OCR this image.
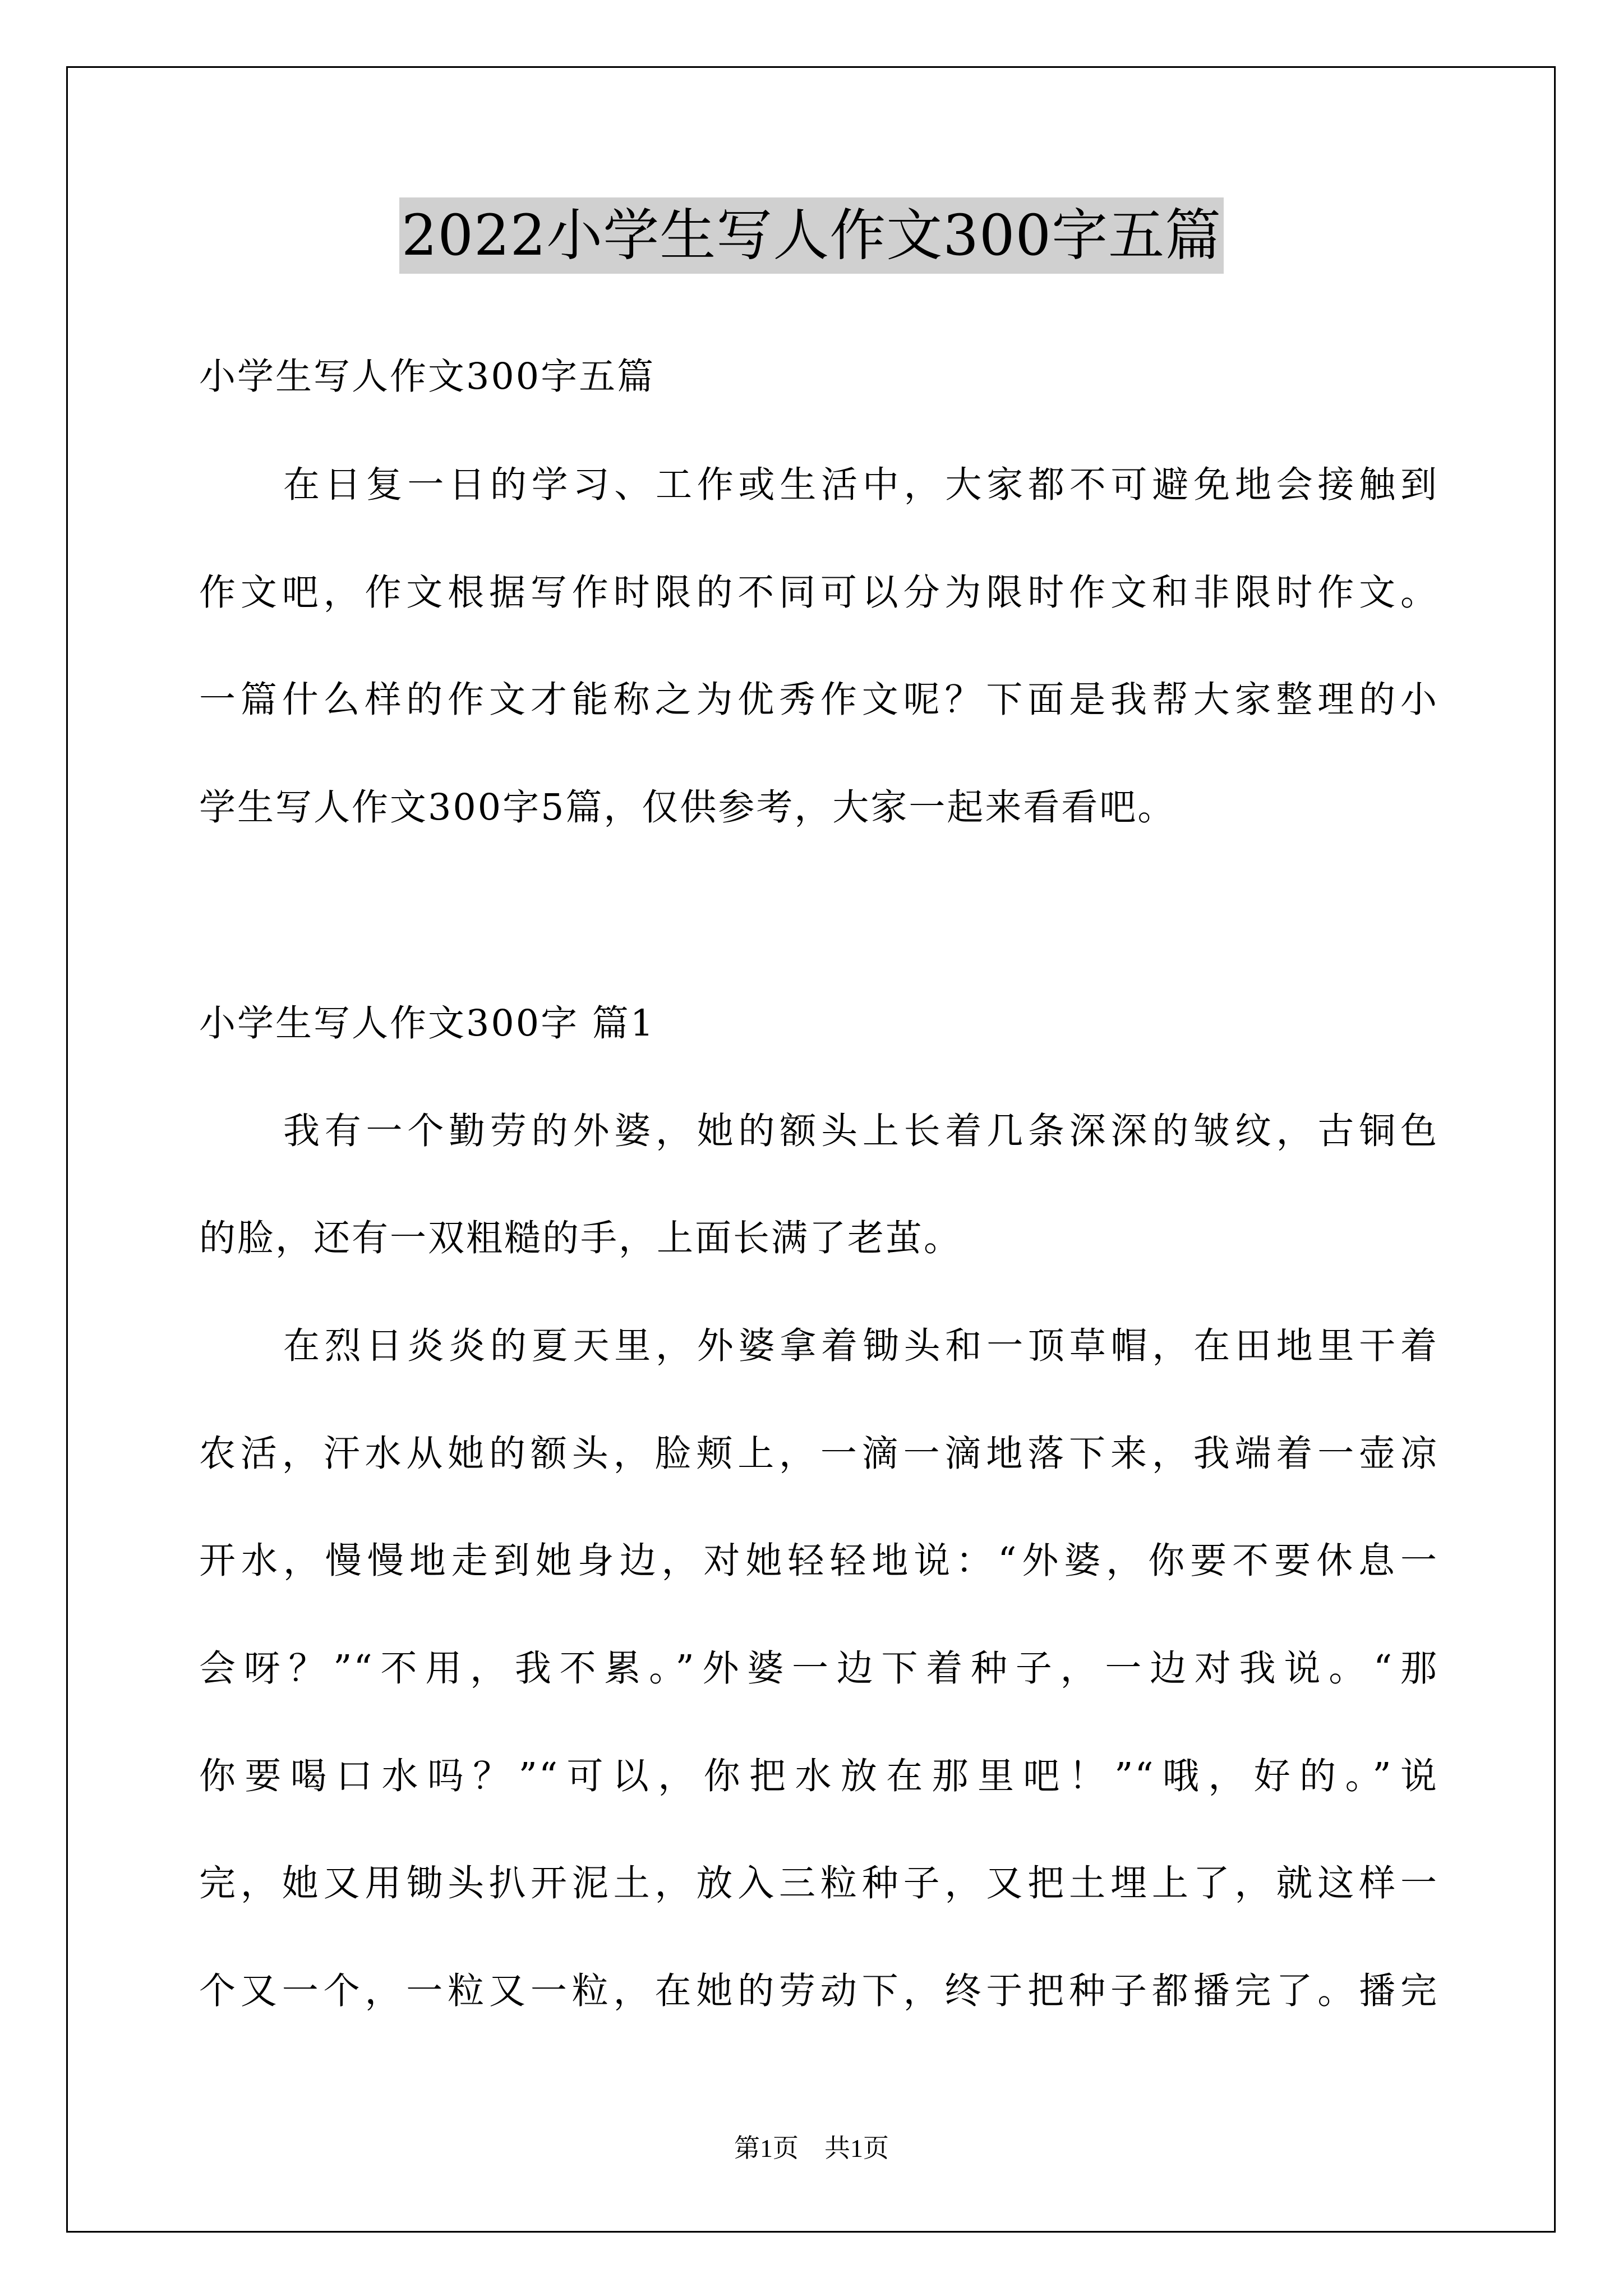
2022小学生写人作文300字五篇
小学生写人作文300字五篇
在日复一日的学习、工作或生活中，大家都不可避免地会接触到
作文吧，作文根据写作时限的不同可以分为限时作文和非限时作文。
一篇什么样的作文才能称之为优秀作文呢？下面是我帮大家整理的小
学生写人作文300字5篇，仅供参考，大家一起来看看吧。
小学生写人作文300字 篇1
我有一个勤劳的外婆，她的额头上长着几条深深的皱纹，古铜色
的脸，还有一双粗糙的手，上面长满了老茧。
在烈日炎炎的夏天里，外婆拿着锄头和一顶草帽，在田地里干着
农活，汗水从她的额头，脸颊上，一滴一滴地落下来，我端着一壶凉
开水，慢慢地走到她身边，对她轻轻地说：“外婆，你要不要休息一
会呀？”“不用，我不累。”外婆一边下着种子，一边对我说。“那
你要喝口水吗？”“可以，你把水放在那里吧！”“哦，好的。”说
完，她又用锄头扒开泥土，放入三粒种子，又把土埋上了，就这样一
个又一个，一粒又一粒，在她的劳动下，终于把种子都播完了。播完
第1页　共1页
